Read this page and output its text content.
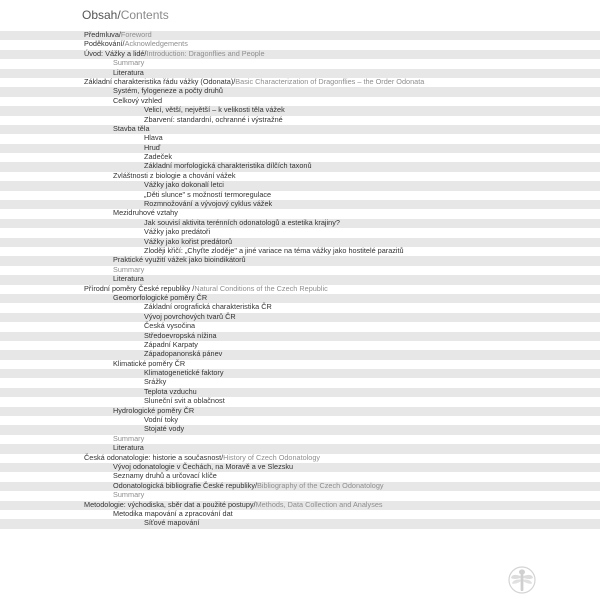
Obsah/Contents
Předmluva/Foreword
Poděkování/Acknowledgements
Úvod: Vážky a lidé/Introduction: Dragonflies and People
Summary
Literatura
Základní charakteristika řádu vážky (Odonata)/Basic Characterization of Dragonflies – the Order Odonata
Systém, fylogeneze a počty druhů
Celkový vzhled
Velicí, větší, největší – k velikosti těla vážek
Zbarvení: standardní, ochranné i výstražné
Stavba těla
Hlava
Hruď
Zadeček
Základní morfologická charakteristika dílčích taxonů
Zvláštnosti z biologie a chování vážek
Vážky jako dokonalí letci
„Děti slunce" s možností termoregulace
Rozmnožování a vývojový cyklus vážek
Mezidruhové vztahy
Jak souvisí aktivita terénních odonatologů a estetika krajiny?
Vážky jako predátoři
Vážky jako kořist predátorů
Zloději křičí: „Chyťte zloděje" a jiné variace na téma vážky jako hostitelé parazitů
Praktické využití vážek jako bioindikátorů
Summary
Literatura
Přírodní poměry České republiky /Natural Conditions of the Czech Republic
Geomorfologické poměry ČR
Základní orografická charakteristika ČR
Vývoj povrchových tvarů ČR
Česká vysočina
Středoevropská nížina
Západní Karpaty
Západopanonská pánev
Klimatické poměry ČR
Klimatogenetické faktory
Srážky
Teplota vzduchu
Sluneční svit a oblačnost
Hydrologické poměry ČR
Vodní toky
Stojaté vody
Summary
Literatura
Česká odonatologie: historie a současnost/History of Czech Odonatology
Vývoj odonatologie v Čechách, na Moravě a ve Slezsku
Seznamy druhů a určovací klíče
Odonatologická bibliografie České republiky/Bibliography of the Czech Odonatology
Summary
Metodologie: východiska, sběr dat a použité postupy/Methods, Data Collection and Analyses
Metodika mapování a zpracování dat
Síťové mapování
